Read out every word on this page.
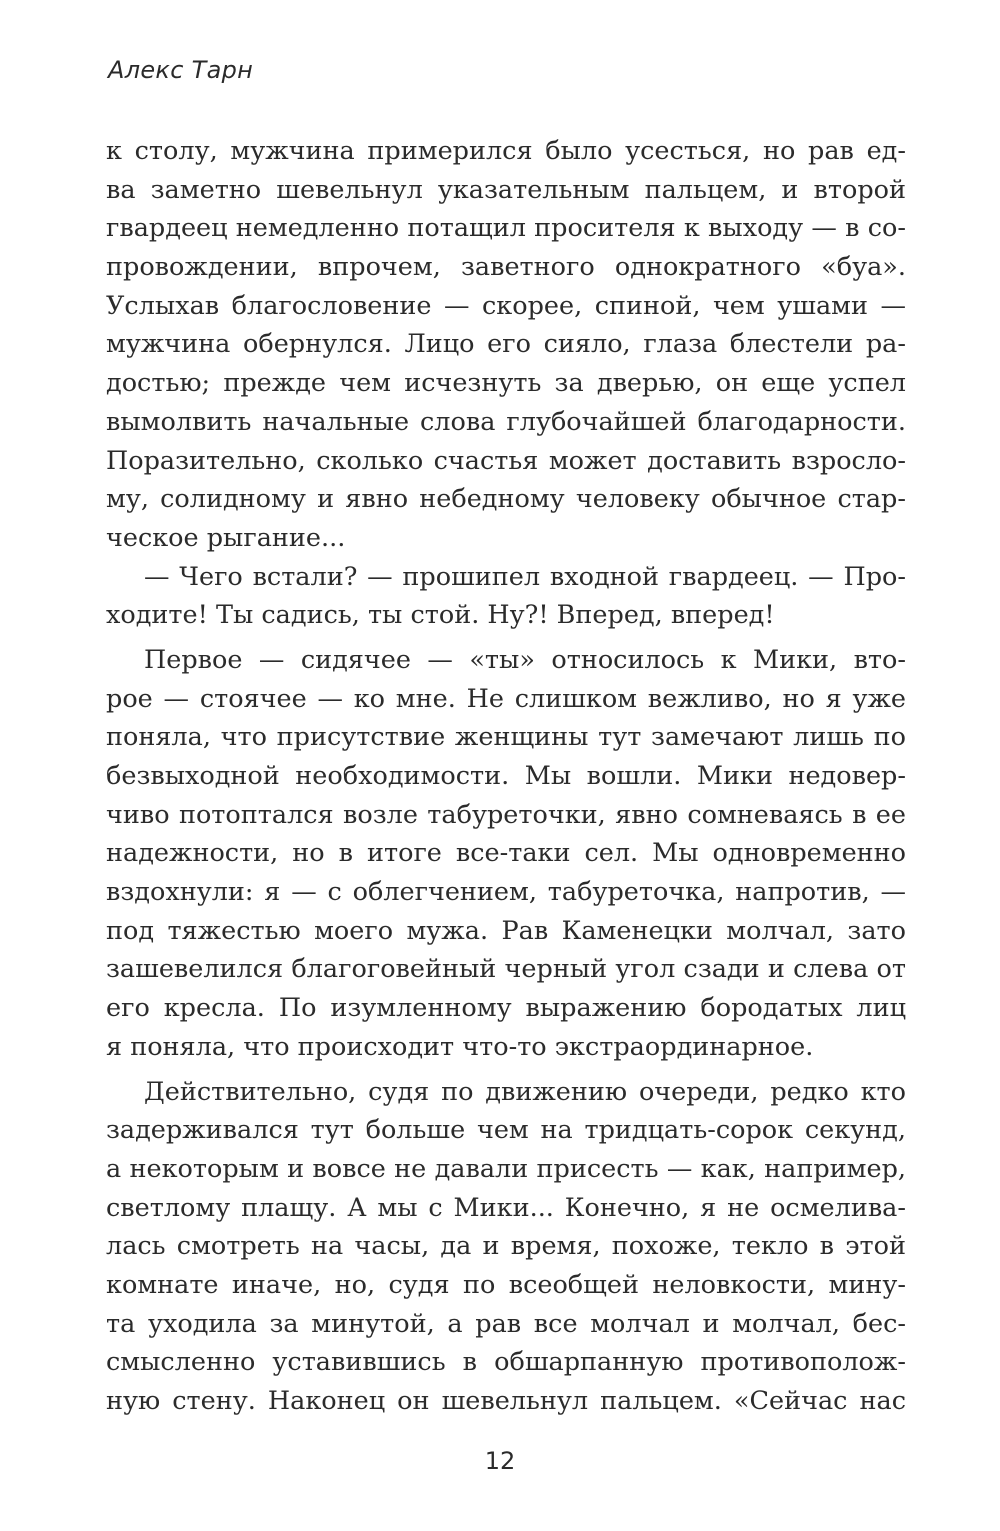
Алекс Тарн
к столу, мужчина примерился было усесться, но рав ед-
ва заметно шевельнул указательным пальцем, и второй
гвардеец немедленно потащил просителя к выходу — в со-
провождении, впрочем, заветного однократного «буа».
Услыхав благословение — скорее, спиной, чем ушами —
мужчина обернулся. Лицо его сияло, глаза блестели ра-
достью; прежде чем исчезнуть за дверью, он еще успел
вымолвить начальные слова глубочайшей благодарности.
Поразительно, сколько счастья может доставить взросло-
му, солидному и явно небедному человеку обычное стар-
ческое рыгание...
— Чего встали? — прошипел входной гвардеец. — Про-
ходите! Ты садись, ты стой. Ну?! Вперед, вперед!
Первое — сидячее — «ты» относилось к Мики, вто-
рое — стоячее — ко мне. Не слишком вежливо, но я уже
поняла, что присутствие женщины тут замечают лишь по
безвыходной необходимости. Мы вошли. Мики недовер-
чиво потоптался возле табуреточки, явно сомневаясь в ее
надежности, но в итоге все-таки сел. Мы одновременно
вздохнули: я — с облегчением, табуреточка, напротив, —
под тяжестью моего мужа. Рав Каменецки молчал, зато
зашевелился благоговейный черный угол сзади и слева от
его кресла. По изумленному выражению бородатых лиц
я поняла, что происходит что-то экстраординарное.
Действительно, судя по движению очереди, редко кто
задерживался тут больше чем на тридцать-сорок секунд,
а некоторым и вовсе не давали присесть — как, например,
светлому плащу. А мы с Мики... Конечно, я не осмелива-
лась смотреть на часы, да и время, похоже, текло в этой
комнате иначе, но, судя по всеобщей неловкости, мину-
та уходила за минутой, а рав все молчал и молчал, бес-
смысленно уставившись в обшарпанную противополож-
ную стену. Наконец он шевельнул пальцем. «Сейчас нас
12
